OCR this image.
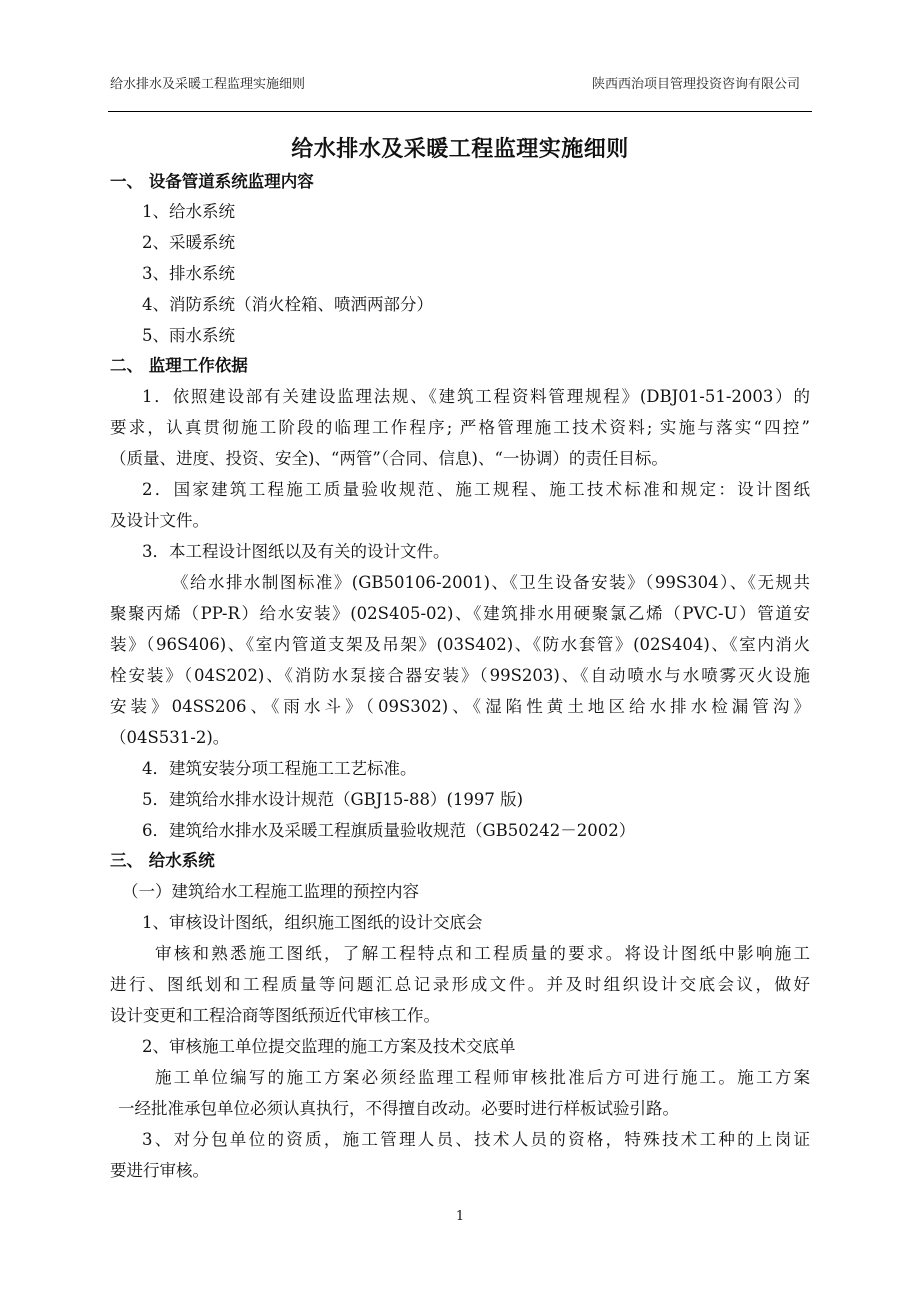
给水排水及采暖工程监理实施细则	陕西西治项目管理投资咨询有限公司
给水排水及采暖工程监理实施细则
一、 设备管道系统监理内容
1、给水系统
2、采暖系统
3、排水系统
4、消防系统（消火栓箱、喷洒两部分）
5、雨水系统
二、 监理工作依据
1．依照建设部有关建设监理法规、《建筑工程资料管理规程》(DBJ01-51-2003）的
要求，认真贯彻施工阶段的临理工作程序; 严格管理施工技术资料; 实施与落实“四控”
（质量、进度、投资、安全)、“两管”（合同、信息)、“一协调）的责任目标。
2．国家建筑工程施工质量验收规范、施工规程、施工技术标准和规定：设计图纸
及设计文件。
3．本工程设计图纸以及有关的设计文件。
《给水排水制图标准》(GB50106-2001)、《卫生设备安装》（99S304）、《无规共
聚聚丙烯（PP-R）给水安装》(02S405-02)、《建筑排水用硬聚氯乙烯（PVC-U）管道安
装》（96S406)、《室内管道支架及吊架》(03S402)、《防水套管》(02S404)、《室内消火
栓安装》（04S202)、《消防水泵接合器安装》（99S203)、《自动喷水与水喷雾灭火设施
安装》04SS206、《雨水斗》（09S302)、《湿陷性黄土地区给水排水检漏管沟》
（04S531-2)。
4．建筑安装分项工程施工工艺标准。
5．建筑给水排水设计规范（GBJ15-88）(1997 版)
6．建筑给水排水及采暖工程旗质量验收规范（GB50242－2002）
三、 给水系统
（一）建筑给水工程施工监理的预控内容
1、审核设计图纸，组织施工图纸的设计交底会
审核和熟悉施工图纸，了解工程特点和工程质量的要求。将设计图纸中影响施工
进行、图纸划和工程质量等问题汇总记录形成文件。并及时组织设计交底会议，做好
设计变更和工程洽商等图纸预近代审核工作。
2、审核施工单位提交监理的施工方案及技术交底单
施工单位编写的施工方案必须经监理工程师审核批准后方可进行施工。施工方案
一经批准承包单位必须认真执行，不得擅自改动。必要时进行样板试验引路。
3、对分包单位的资质，施工管理人员、技术人员的资格，特殊技术工种的上岗证
要进行审核。
1
